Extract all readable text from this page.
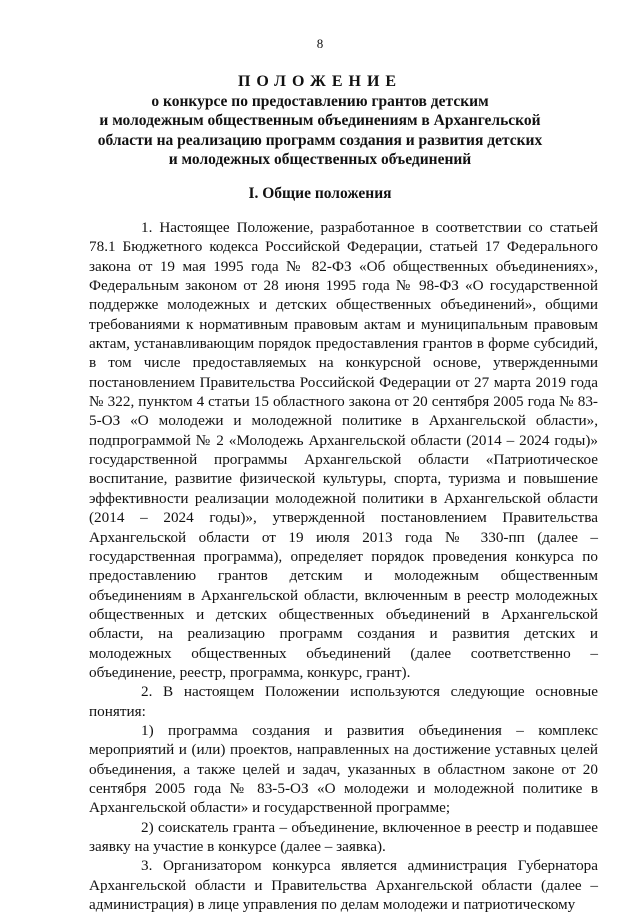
8
ПОЛОЖЕНИЕ
о конкурсе по предоставлению грантов детским
и молодежным общественным объединениям в Архангельской
области на реализацию программ создания и развития детских
и молодежных общественных объединений
I. Общие положения

1. Настоящее Положение, разработанное в соответствии со статьей 78.1 Бюджетного кодекса Российской Федерации, статьей 17 Федерального закона от 19 мая 1995 года № 82-ФЗ «Об общественных объединениях», Федеральным законом от 28 июня 1995 года № 98-ФЗ «О государственной поддержке молодежных и детских общественных объединений», общими требованиями к нормативным правовым актам и муниципальным правовым актам, устанавливающим порядок предоставления грантов в форме субсидий, в том числе предоставляемых на конкурсной основе, утвержденными постановлением Правительства Российской Федерации от 27 марта 2019 года № 322, пунктом 4 статьи 15 областного закона от 20 сентября 2005 года № 83-5-ОЗ «О молодежи и молодежной политике в Архангельской области», подпрограммой № 2 «Молодежь Архангельской области (2014 – 2024 годы)» государственной программы Архангельской области «Патриотическое воспитание, развитие физической культуры, спорта, туризма и повышение эффективности реализации молодежной политики в Архангельской области (2014 – 2024 годы)», утвержденной постановлением Правительства Архангельской области от 19 июля 2013 года № 330-пп (далее – государственная программа), определяет порядок проведения конкурса по предоставлению грантов детским и молодежным общественным объединениям в Архангельской области, включенным в реестр молодежных общественных и детских общественных объединений в Архангельской области, на реализацию программ создания и развития детских и молодежных общественных объединений (далее соответственно – объединение, реестр, программа, конкурс, грант).

2. В настоящем Положении используются следующие основные понятия:

1) программа создания и развития объединения – комплекс мероприятий и (или) проектов, направленных на достижение уставных целей объединения, а также целей и задач, указанных в областном законе от 20 сентября 2005 года № 83-5-ОЗ «О молодежи и молодежной политике в Архангельской области» и государственной программе;

2) соискатель гранта – объединение, включенное в реестр и подавшее заявку на участие в конкурсе (далее – заявка).

3. Организатором конкурса является администрация Губернатора Архангельской области и Правительства Архангельской области (далее – администрация) в лице управления по делам молодежи и патриотическому
